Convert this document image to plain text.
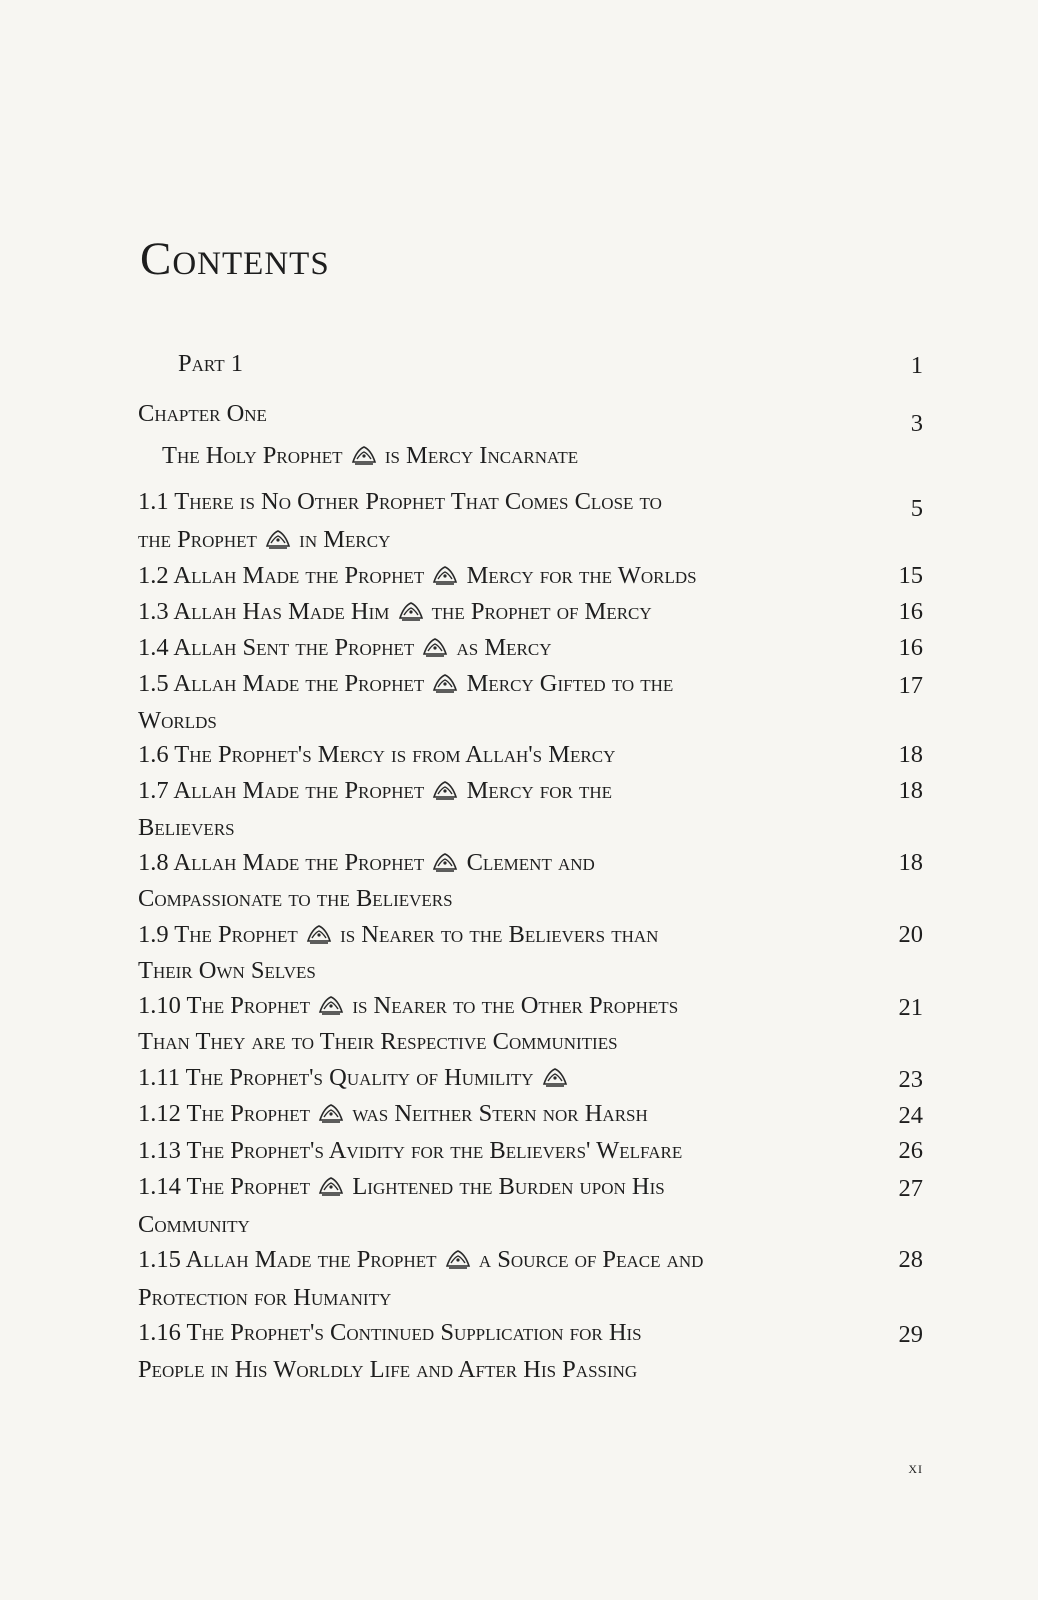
Contents
Part 1	1
Chapter One	3
The Holy Prophet is Mercy Incarnate
1.1 There is No Other Prophet That Comes Close to	5
the Prophet in Mercy
1.2 Allah Made the Prophet Mercy for the Worlds	15
1.3 Allah Has Made Him the Prophet of Mercy	16
1.4 Allah Sent the Prophet as Mercy	16
1.5 Allah Made the Prophet Mercy Gifted to the	17
Worlds
1.6 The Prophet's Mercy is from Allah's Mercy	18
1.7 Allah Made the Prophet Mercy for the	18
Believers
1.8 Allah Made the Prophet Clement and	18
Compassionate to the Believers
1.9 The Prophet is Nearer to the Believers than	20
Their Own Selves
1.10 The Prophet is Nearer to the Other Prophets	21
Than They are to Their Respective Communities
1.11 The Prophet's Quality of Humility	23
1.12 The Prophet was Neither Stern nor Harsh	24
1.13 The Prophet's Avidity for the Believers' Welfare	26
1.14 The Prophet Lightened the Burden upon His	27
Community
1.15 Allah Made the Prophet a Source of Peace and	28
Protection for Humanity
1.16 The Prophet's Continued Supplication for His	29
People in His Worldly Life and After His Passing
xi
